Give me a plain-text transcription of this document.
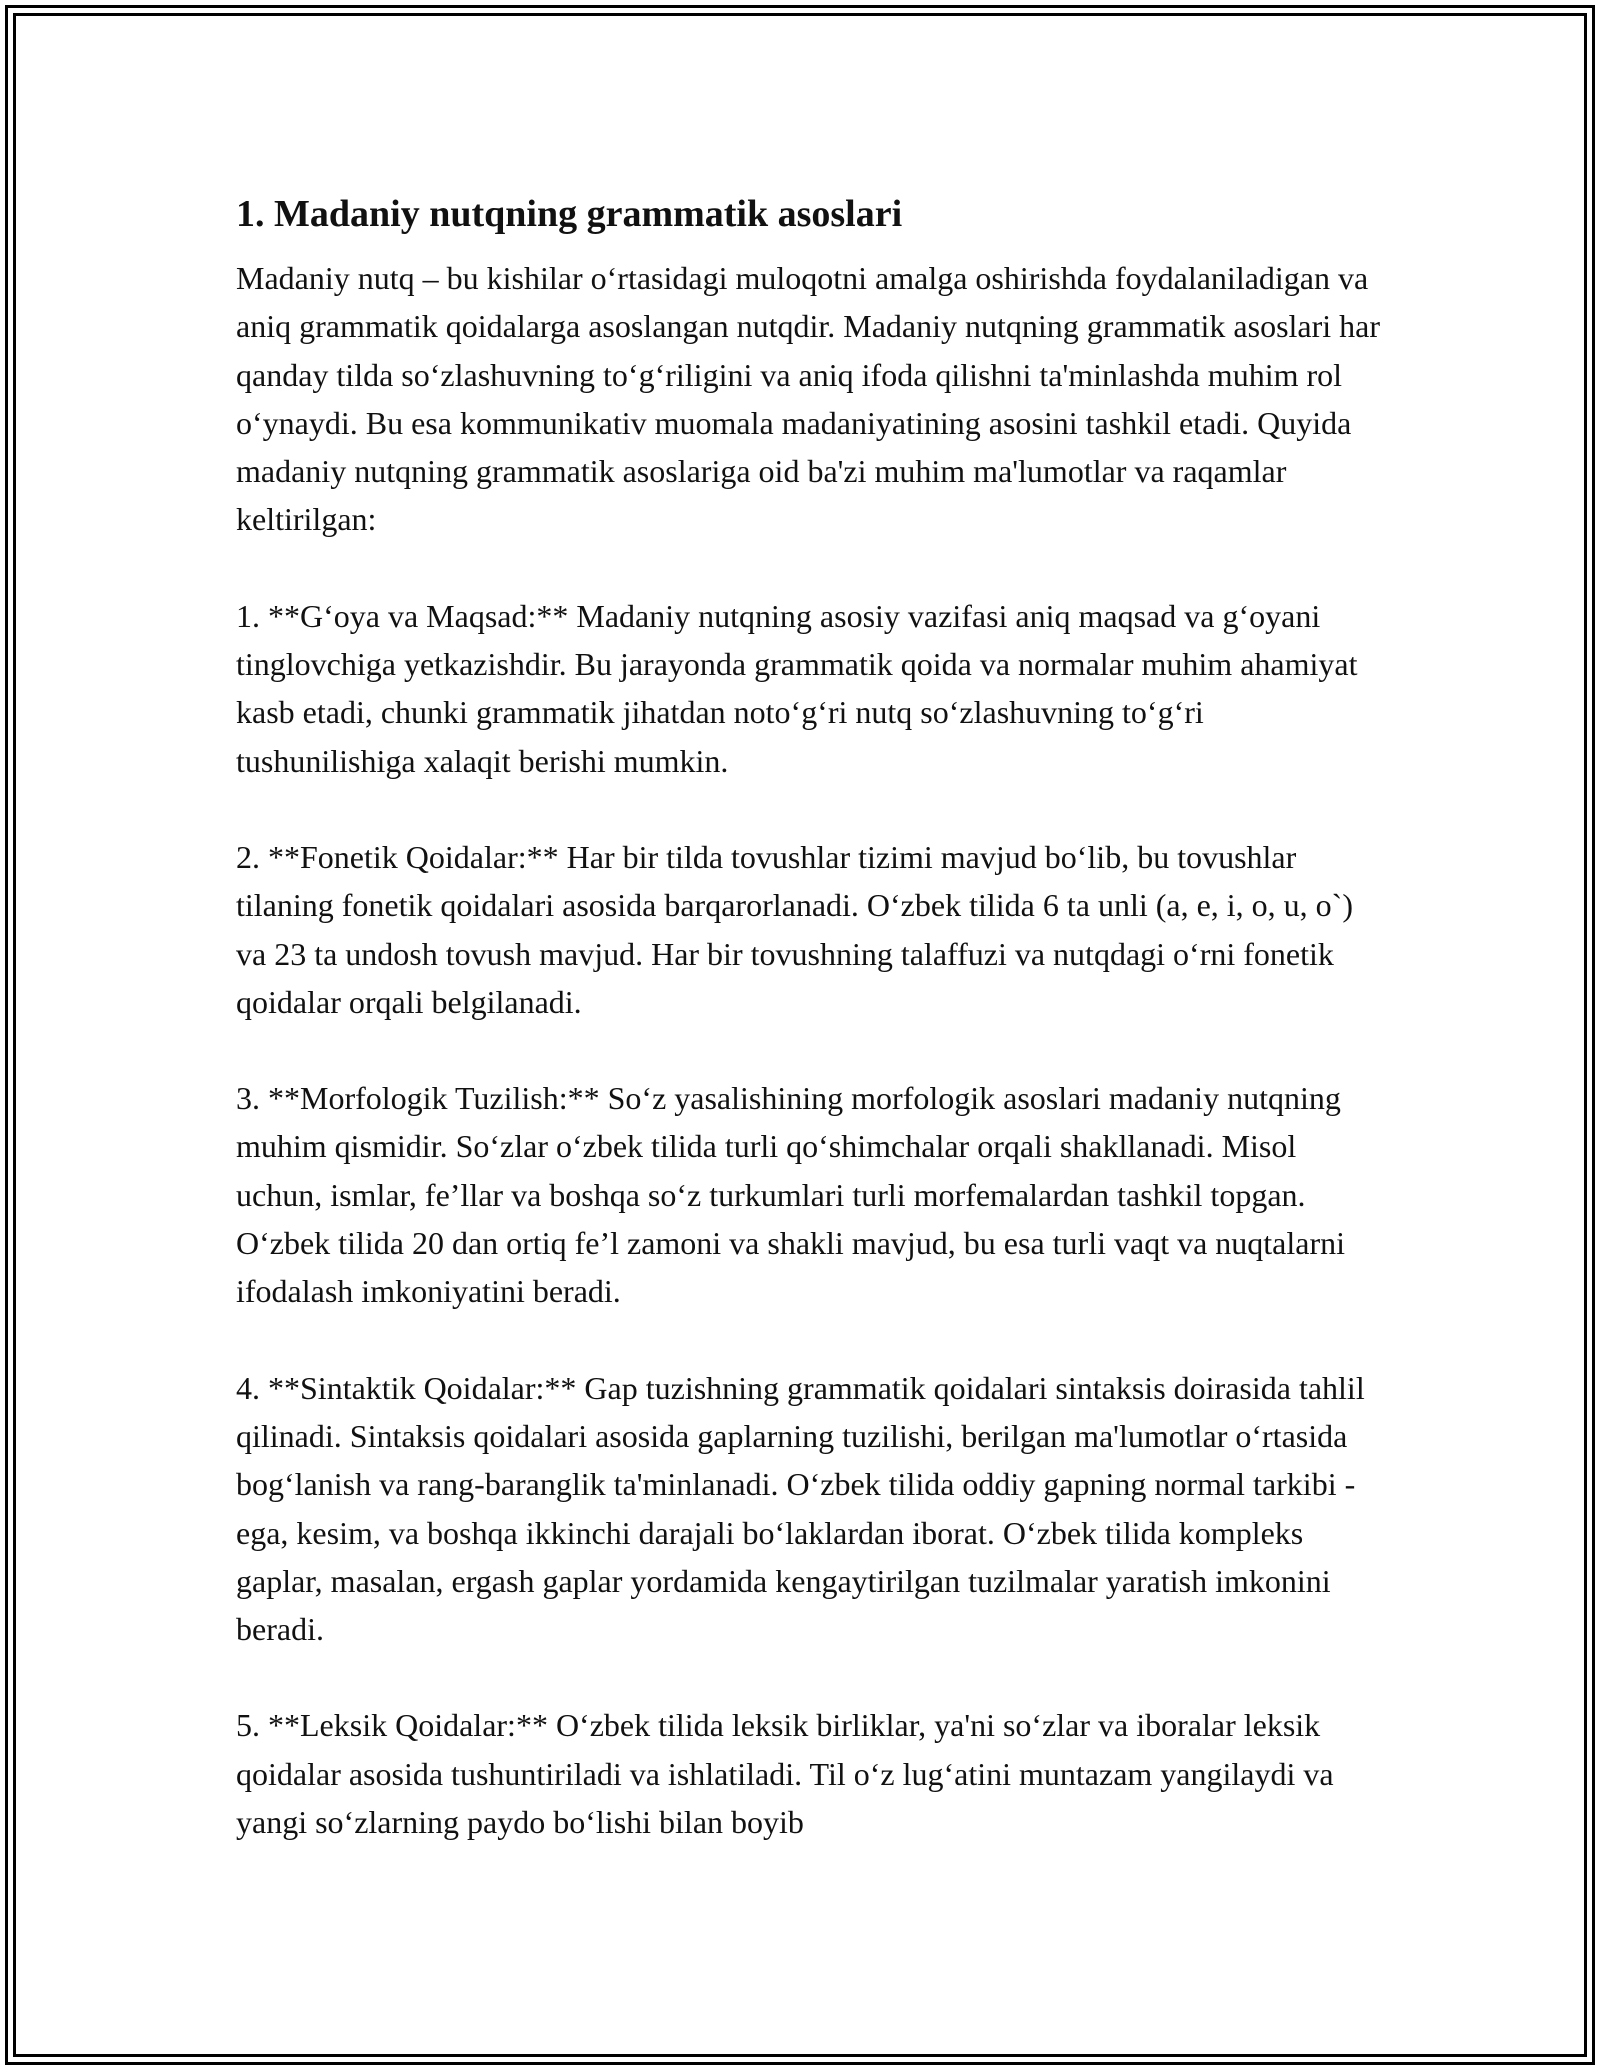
1. Madaniy nutqning grammatik asoslari

Madaniy nutq – bu kishilar o‘rtasidagi muloqotni amalga oshirishda foydalaniladigan va aniq grammatik qoidalarga asoslangan nutqdir. Madaniy nutqning grammatik asoslari har qanday tilda so‘zlashuvning to‘g‘riligini va aniq ifoda qilishni ta'minlashda muhim rol o‘ynaydi. Bu esa kommunikativ muomala madaniyatining asosini tashkil etadi. Quyida madaniy nutqning grammatik asoslariga oid ba'zi muhim ma'lumotlar va raqamlar keltirilgan:

1. **G‘oya va Maqsad:** Madaniy nutqning asosiy vazifasi aniq maqsad va g‘oyani tinglovchiga yetkazishdir. Bu jarayonda grammatik qoida va normalar muhim ahamiyat kasb etadi, chunki grammatik jihatdan noto‘g‘ri nutq so‘zlashuvning to‘g‘ri tushunilishiga xalaqit berishi mumkin.

2. **Fonetik Qoidalar:** Har bir tilda tovushlar tizimi mavjud bo‘lib, bu tovushlar tilaning fonetik qoidalari asosida barqarorlanadi. O‘zbek tilida 6 ta unli (a, e, i, o, u, o`) va 23 ta undosh tovush mavjud. Har bir tovushning talaffuzi va nutqdagi o‘rni fonetik qoidalar orqali belgilanadi.

3. **Morfologik Tuzilish:** So‘z yasalishining morfologik asoslari madaniy nutqning muhim qismidir. So‘zlar o‘zbek tilida turli qo‘shimchalar orqali shakllanadi. Misol uchun, ismlar, fe’llar va boshqa so‘z turkumlari turli morfemalardan tashkil topgan. O‘zbek tilida 20 dan ortiq fe’l zamoni va shakli mavjud, bu esa turli vaqt va nuqtalarni ifodalash imkoniyatini beradi.

4. **Sintaktik Qoidalar:** Gap tuzishning grammatik qoidalari sintaksis doirasida tahlil qilinadi. Sintaksis qoidalari asosida gaplarning tuzilishi, berilgan ma'lumotlar o‘rtasida bog‘lanish va rang-baranglik ta'minlanadi. O‘zbek tilida oddiy gapning normal tarkibi - ega, kesim, va boshqa ikkinchi darajali bo‘laklardan iborat. O‘zbek tilida kompleks gaplar, masalan, ergash gaplar yordamida kengaytirilgan tuzilmalar yaratish imkonini beradi.

5. **Leksik Qoidalar:** O‘zbek tilida leksik birliklar, ya'ni so‘zlar va iboralar leksik qoidalar asosida tushuntiriladi va ishlatiladi. Til o‘z lug‘atini muntazam yangilaydi va yangi so‘zlarning paydo bo‘lishi bilan boyib
